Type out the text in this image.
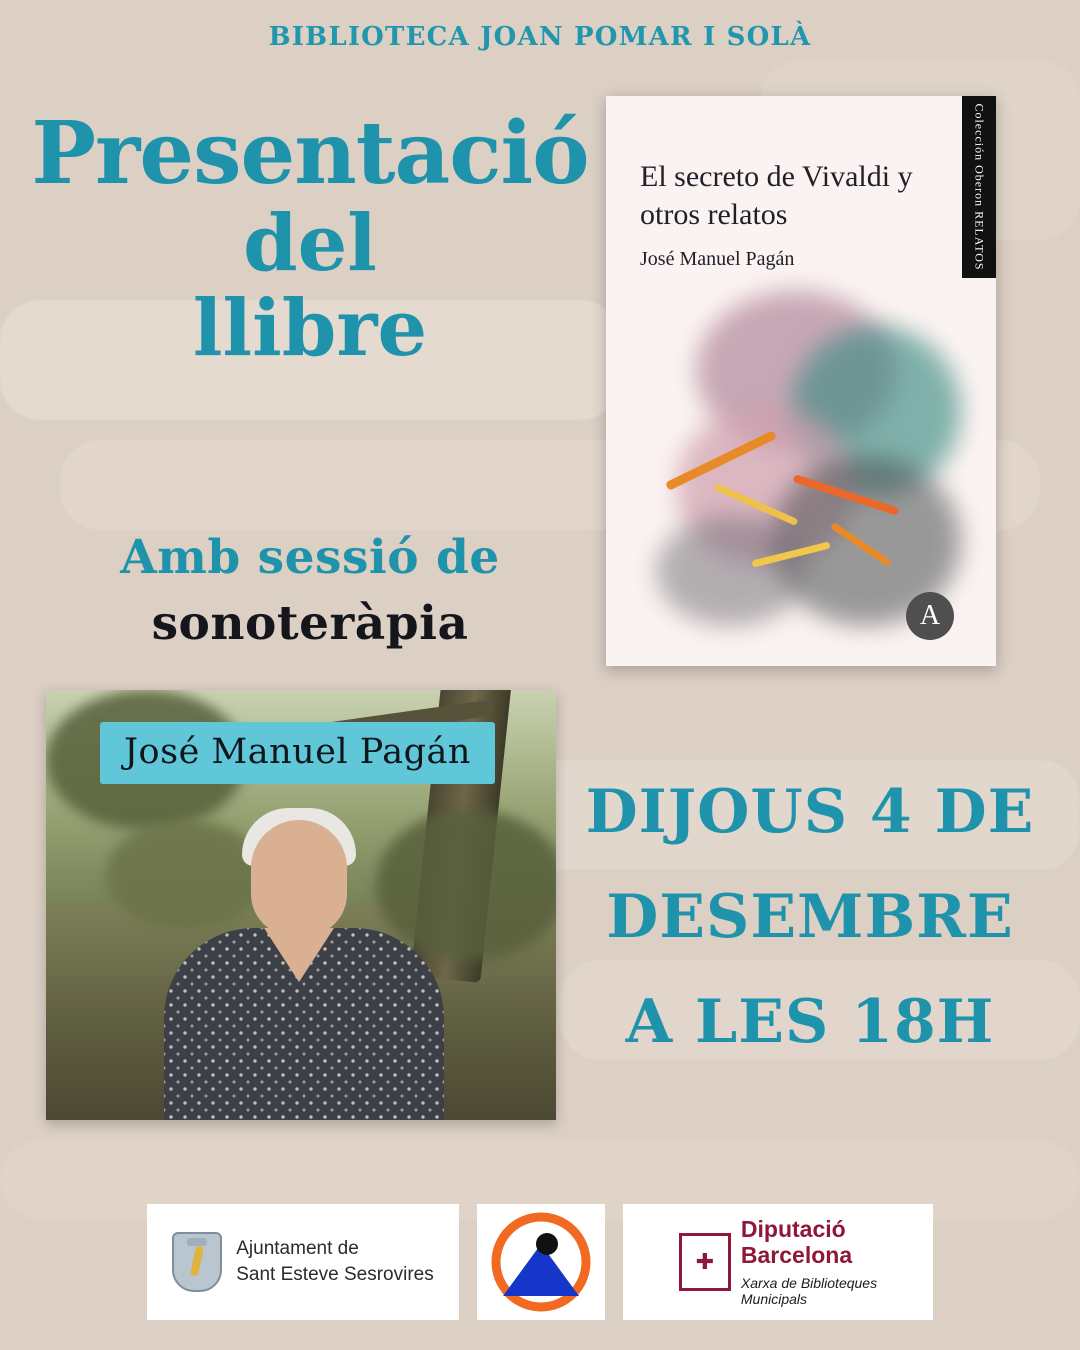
BIBLIOTECA JOAN POMAR I SOLÀ
Presentació
del
llibre
Amb sessió de
sonoteràpia
Colección Oberon RELATOS
El secreto de Vivaldi y otros relatos
José Manuel Pagán
A
José Manuel Pagán
DIJOUS 4 DE
DESEMBRE
A LES 18H
Ajuntament de
Sant Esteve Sesrovires	✚
Diputació
Barcelona
Xarxa de Biblioteques
Municipals
